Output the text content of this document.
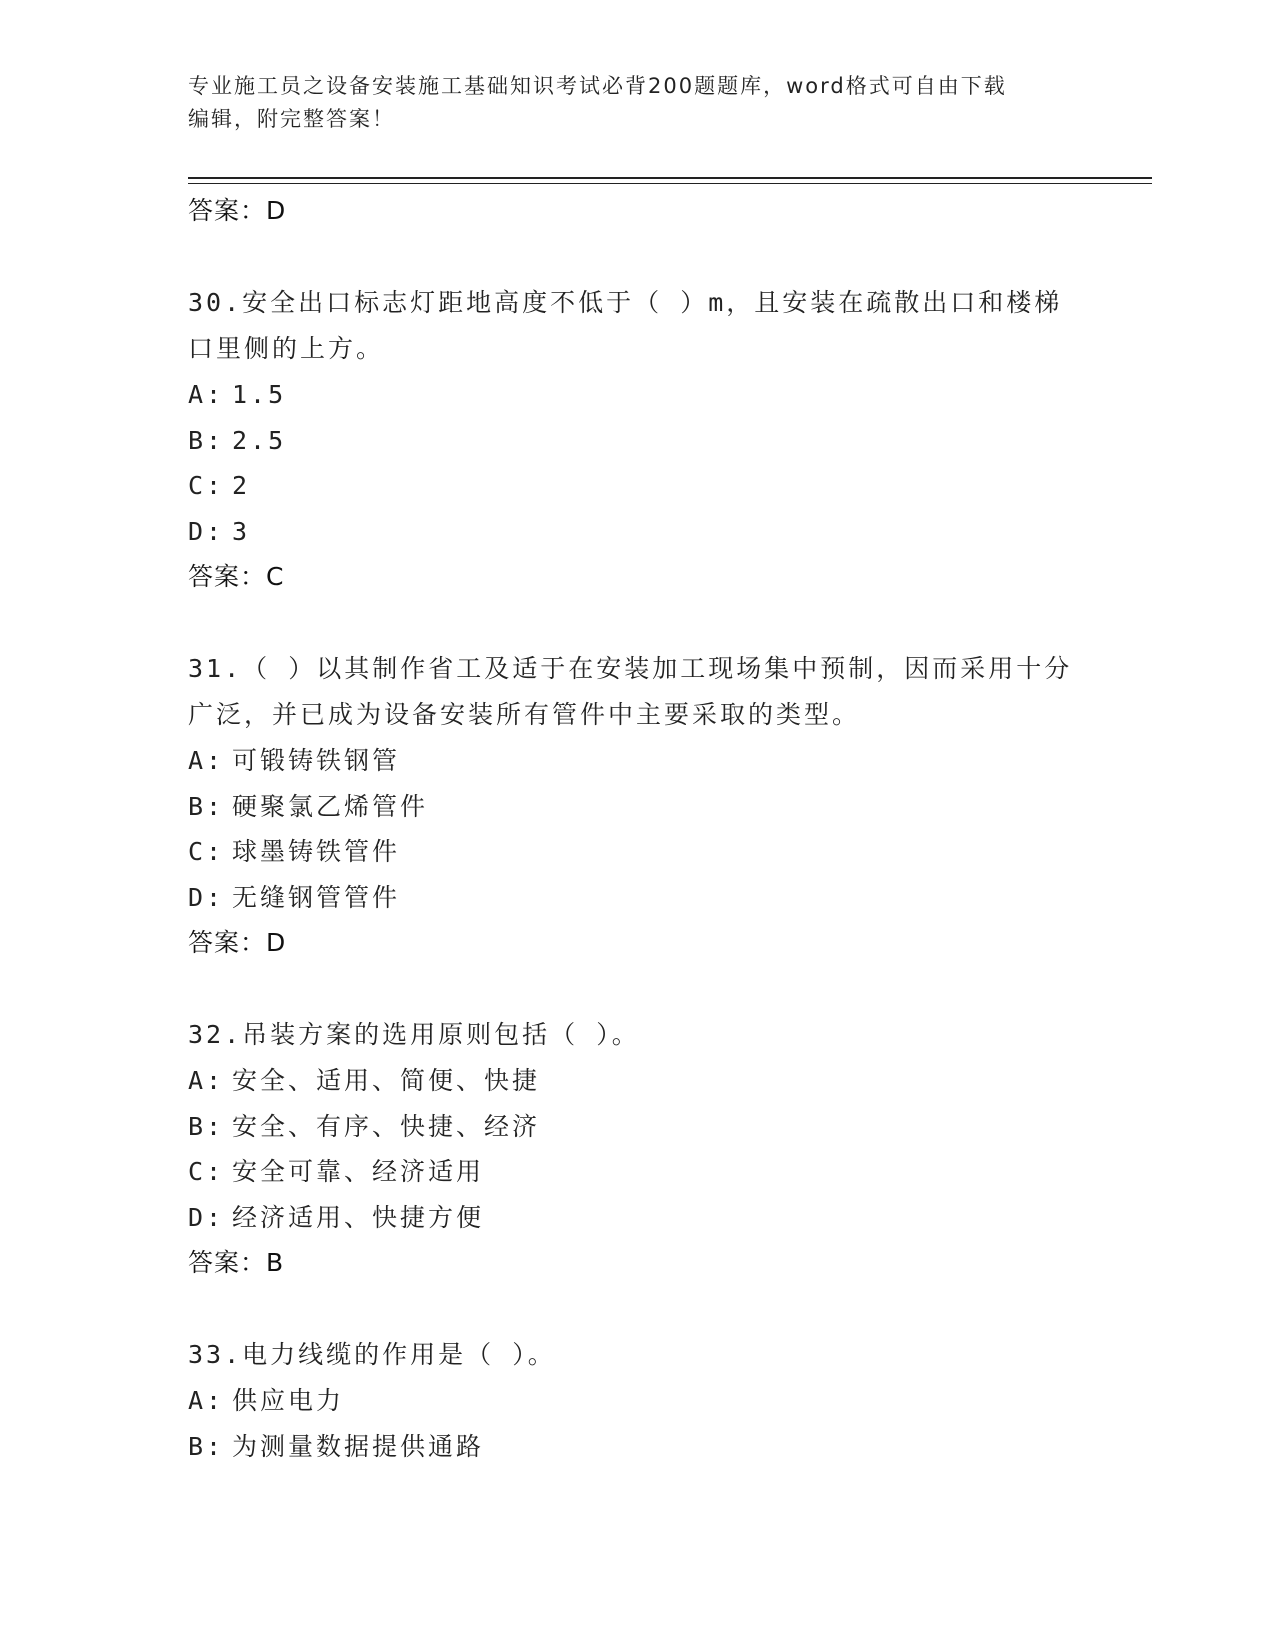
专业施工员之设备安装施工基础知识考试必背200题题库，word格式可自由下载
编辑，附完整答案！
答案：D
30.安全出口标志灯距地高度不低于（ ）m，且安装在疏散出口和楼梯口里侧的上方。
A: 1.5
B: 2.5
C: 2
D: 3
答案：C
31.（ ）以其制作省工及适于在安装加工现场集中预制，因而采用十分广泛，并已成为设备安装所有管件中主要采取的类型。
A: 可锻铸铁钢管
B: 硬聚氯乙烯管件
C: 球墨铸铁管件
D: 无缝钢管管件
答案：D
32.吊装方案的选用原则包括（ ）。
A: 安全、适用、简便、快捷
B: 安全、有序、快捷、经济
C: 安全可靠、经济适用
D: 经济适用、快捷方便
答案：B
33.电力线缆的作用是（ ）。
A: 供应电力
B: 为测量数据提供通路
